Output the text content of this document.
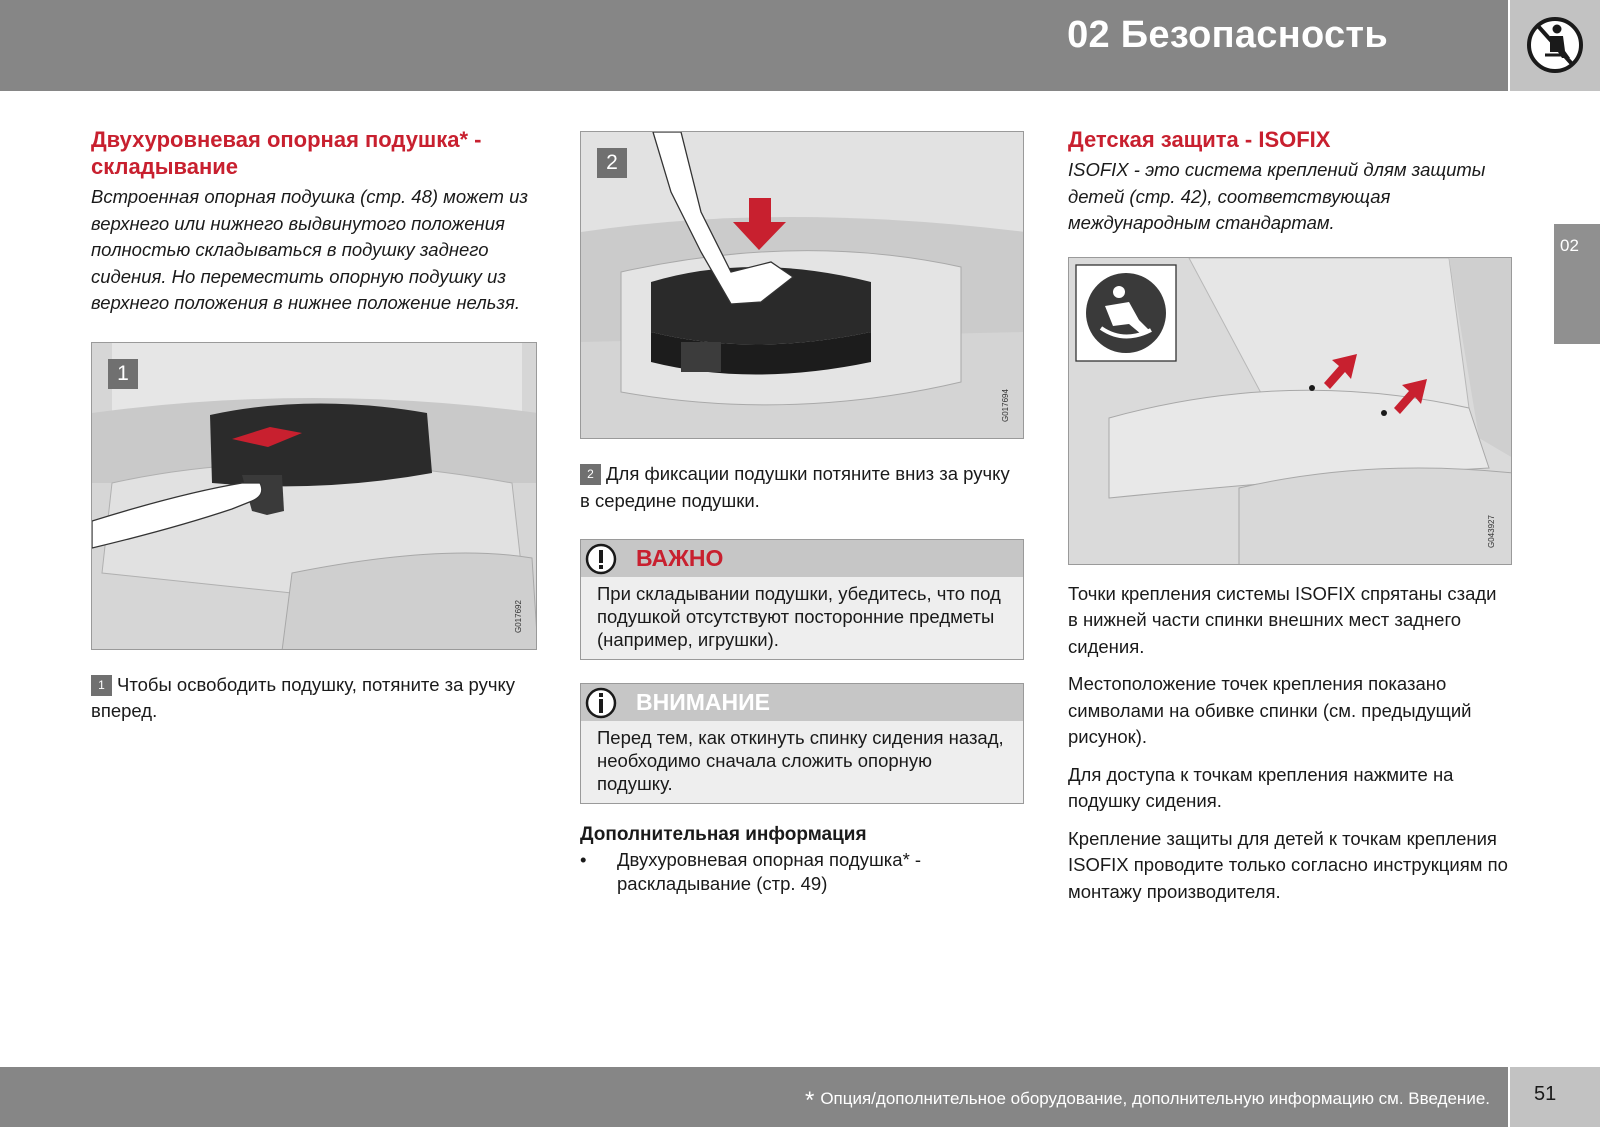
02 Безопасность
02
Двухуровневая опорная подушка* - складывание
Встроенная опорная подушка (стр. 48) может из верхнего или нижнего выдвинутого положения полностью складываться в подушку заднего сидения. Но переместить опорную подушку из верхнего положения в нижнее положение нельзя.
1
G017692
1 Чтобы освободить подушку, потяните за ручку вперед.
2
G017694
2 Для фиксации подушки потяните вниз за ручку в середине подушки.
ВАЖНО
При складывании подушки, убедитесь, что под подушкой отсутствуют посторонние предметы (например, игрушки).
ВНИМАНИЕ
Перед тем, как откинуть спинку сидения назад, необходимо сначала сложить опорную подушку.
Дополнительная информация
•	Двухуровневая опорная подушка* - раскладывание (стр. 49)
Детская защита - ISOFIX
ISOFIX - это система креплений длям защиты детей (стр. 42), соответствующая международным стандартам.
G043927

Точки крепления системы ISOFIX спрятаны сзади в нижней части спинки внешних мест заднего сидения.

Местоположение точек крепления показано символами на обивке спинки (см. предыдущий рисунок).

Для доступа к точкам крепления нажмите на подушку сидения.

Крепление защиты для детей к точкам крепления ISOFIX проводите только согласно инструкциям по монтажу производителя.

* Опция/дополнительное оборудование, дополнительную информацию см. Введение. 51
